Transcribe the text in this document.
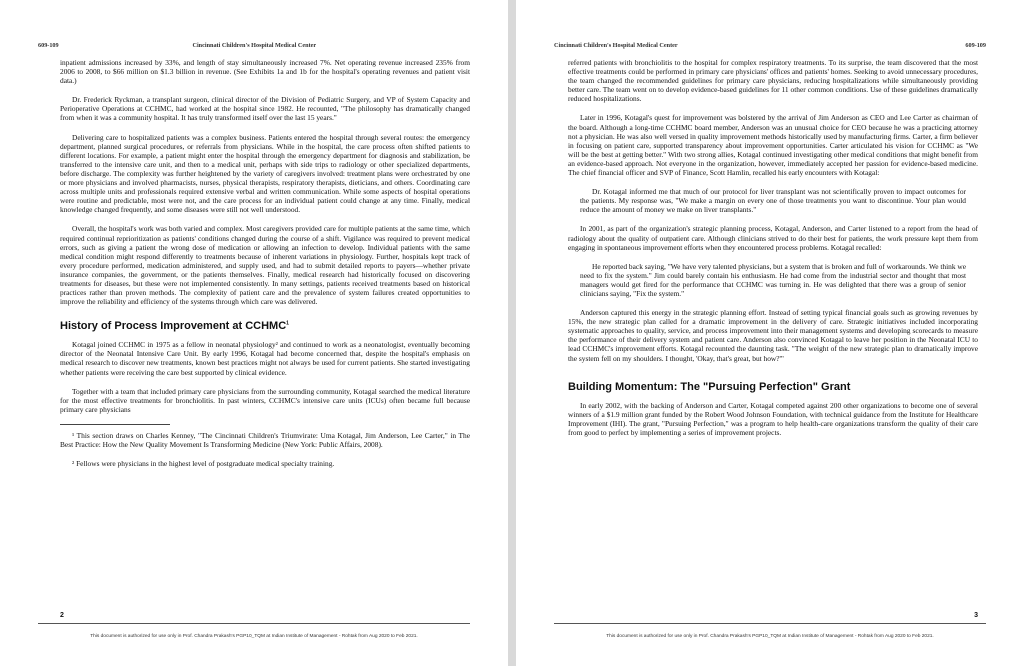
609-109	Cincinnati Children's Hospital Medical Center

inpatient admissions increased by 33%, and length of stay simultaneously increased 7%. Net operating revenue increased 235% from 2006 to 2008, to $66 million on $1.3 billion in revenue. (See Exhibits 1a and 1b for the hospital's operating revenues and patient visit data.)

Dr. Frederick Ryckman, a transplant surgeon, clinical director of the Division of Pediatric Surgery, and VP of System Capacity and Perioperative Operations at CCHMC, had worked at the hospital since 1982. He recounted, "The philosophy has dramatically changed from when it was a community hospital. It has truly transformed itself over the last 15 years."

Delivering care to hospitalized patients was a complex business. Patients entered the hospital through several routes: the emergency department, planned surgical procedures, or referrals from physicians. While in the hospital, the care process often shifted patients to different locations. For example, a patient might enter the hospital through the emergency department for diagnosis and stabilization, be transferred to the intensive care unit, and then to a medical unit, perhaps with side trips to radiology or other specialized departments, before discharge. The complexity was further heightened by the variety of caregivers involved: treatment plans were orchestrated by one or more physicians and involved pharmacists, nurses, physical therapists, respiratory therapists, dieticians, and others. Coordinating care across multiple units and professionals required extensive verbal and written communication. While some aspects of hospital operations were routine and predictable, most were not, and the care process for an individual patient could change at any time. Finally, medical knowledge changed frequently, and some diseases were still not well understood.

Overall, the hospital's work was both varied and complex. Most caregivers provided care for multiple patients at the same time, which required continual reprioritization as patients' conditions changed during the course of a shift. Vigilance was required to prevent medical errors, such as giving a patient the wrong dose of medication or allowing an infection to develop. Individual patients with the same medical condition might respond differently to treatments because of inherent variations in physiology. Further, hospitals kept track of every procedure performed, medication administered, and supply used, and had to submit detailed reports to payers—whether private insurance companies, the government, or the patients themselves. Finally, medical research had historically focused on discovering treatments for diseases, but these were not implemented consistently. In many settings, patients received treatments based on historical practices rather than proven methods. The complexity of patient care and the prevalence of system failures created opportunities to improve the reliability and efficiency of the systems through which care was delivered.

History of Process Improvement at CCHMC$^1$

Kotagal joined CCHMC in 1975 as a fellow in neonatal physiology² and continued to work as a neonatologist, eventually becoming director of the Neonatal Intensive Care Unit. By early 1996, Kotagal had become concerned that, despite the hospital's emphasis on medical research to discover new treatments, known best practices might not always be used for current patients. She started investigating whether patients were receiving the care best supported by clinical evidence.

Together with a team that included primary care physicians from the surrounding community, Kotagal searched the medical literature for the most effective treatments for bronchiolitis. In past winters, CCHMC's intensive care units (ICUs) often became full because primary care physicians

¹ This section draws on Charles Kenney, "The Cincinnati Children's Triumvirate: Uma Kotagal, Jim Anderson, Lee Carter," in The Best Practice: How the New Quality Movement Is Transforming Medicine (New York: Public Affairs, 2008).

² Fellows were physicians in the highest level of postgraduate medical specialty training.

2
This document is authorized for use only in Prof. Chandra Prakash's PGP10_TQM at Indian Institute of Management - Rohtak from Aug 2020 to Feb 2021.
Cincinnati Children's Hospital Medical Center	609-109

referred patients with bronchiolitis to the hospital for complex respiratory treatments. To its surprise, the team discovered that the most effective treatments could be performed in primary care physicians' offices and patients' homes. Seeking to avoid unnecessary procedures, the team changed the recommended guidelines for primary care physicians, reducing hospitalizations while simultaneously providing better care. The team went on to develop evidence-based guidelines for 11 other common conditions. Use of these guidelines dramatically reduced hospitalizations.

Later in 1996, Kotagal's quest for improvement was bolstered by the arrival of Jim Anderson as CEO and Lee Carter as chairman of the board. Although a long-time CCHMC board member, Anderson was an unusual choice for CEO because he was a practicing attorney not a physician. He was also well versed in quality improvement methods historically used by manufacturing firms. Carter, a firm believer in focusing on patient care, supported transparency about improvement opportunities. Carter articulated his vision for CCHMC as "We will be the best at getting better." With two strong allies, Kotagal continued investigating other medical conditions that might benefit from an evidence-based approach. Not everyone in the organization, however, immediately accepted her passion for evidence-based medicine. The chief financial officer and SVP of Finance, Scott Hamlin, recalled his early encounters with Kotagal:

Dr. Kotagal informed me that much of our protocol for liver transplant was not scientifically proven to impact outcomes for the patients. My response was, "We make a margin on every one of those treatments you want to discontinue. Your plan would reduce the amount of money we make on liver transplants."

In 2001, as part of the organization's strategic planning process, Kotagal, Anderson, and Carter listened to a report from the head of radiology about the quality of outpatient care. Although clinicians strived to do their best for patients, the work pressure kept them from engaging in spontaneous improvement efforts when they encountered process problems. Kotagal recalled:

He reported back saying, "We have very talented physicians, but a system that is broken and full of workarounds. We think we need to fix the system." Jim could barely contain his enthusiasm. He had come from the industrial sector and thought that most managers would get fired for the performance that CCHMC was turning in. He was delighted that there was a group of senior clinicians saying, "Fix the system."

Anderson captured this energy in the strategic planning effort. Instead of setting typical financial goals such as growing revenues by 15%, the new strategic plan called for a dramatic improvement in the delivery of care. Strategic initiatives included incorporating systematic approaches to quality, service, and process improvement into their management systems and developing scorecards to measure the performance of their delivery system and patient care. Anderson also convinced Kotagal to leave her position in the Neonatal ICU to lead CCHMC's improvement efforts. Kotagal recounted the daunting task. "The weight of the new strategic plan to dramatically improve the system fell on my shoulders. I thought, 'Okay, that's great, but how?'"

Building Momentum: The "Pursuing Perfection" Grant

In early 2002, with the backing of Anderson and Carter, Kotagal competed against 200 other organizations to become one of several winners of a $1.9 million grant funded by the Robert Wood Johnson Foundation, with technical guidance from the Institute for Healthcare Improvement (IHI). The grant, "Pursuing Perfection," was a program to help health-care organizations transform the quality of their care from good to perfect by implementing a series of improvement projects.

3
This document is authorized for use only in Prof. Chandra Prakash's PGP10_TQM at Indian Institute of Management - Rohtak from Aug 2020 to Feb 2021.
